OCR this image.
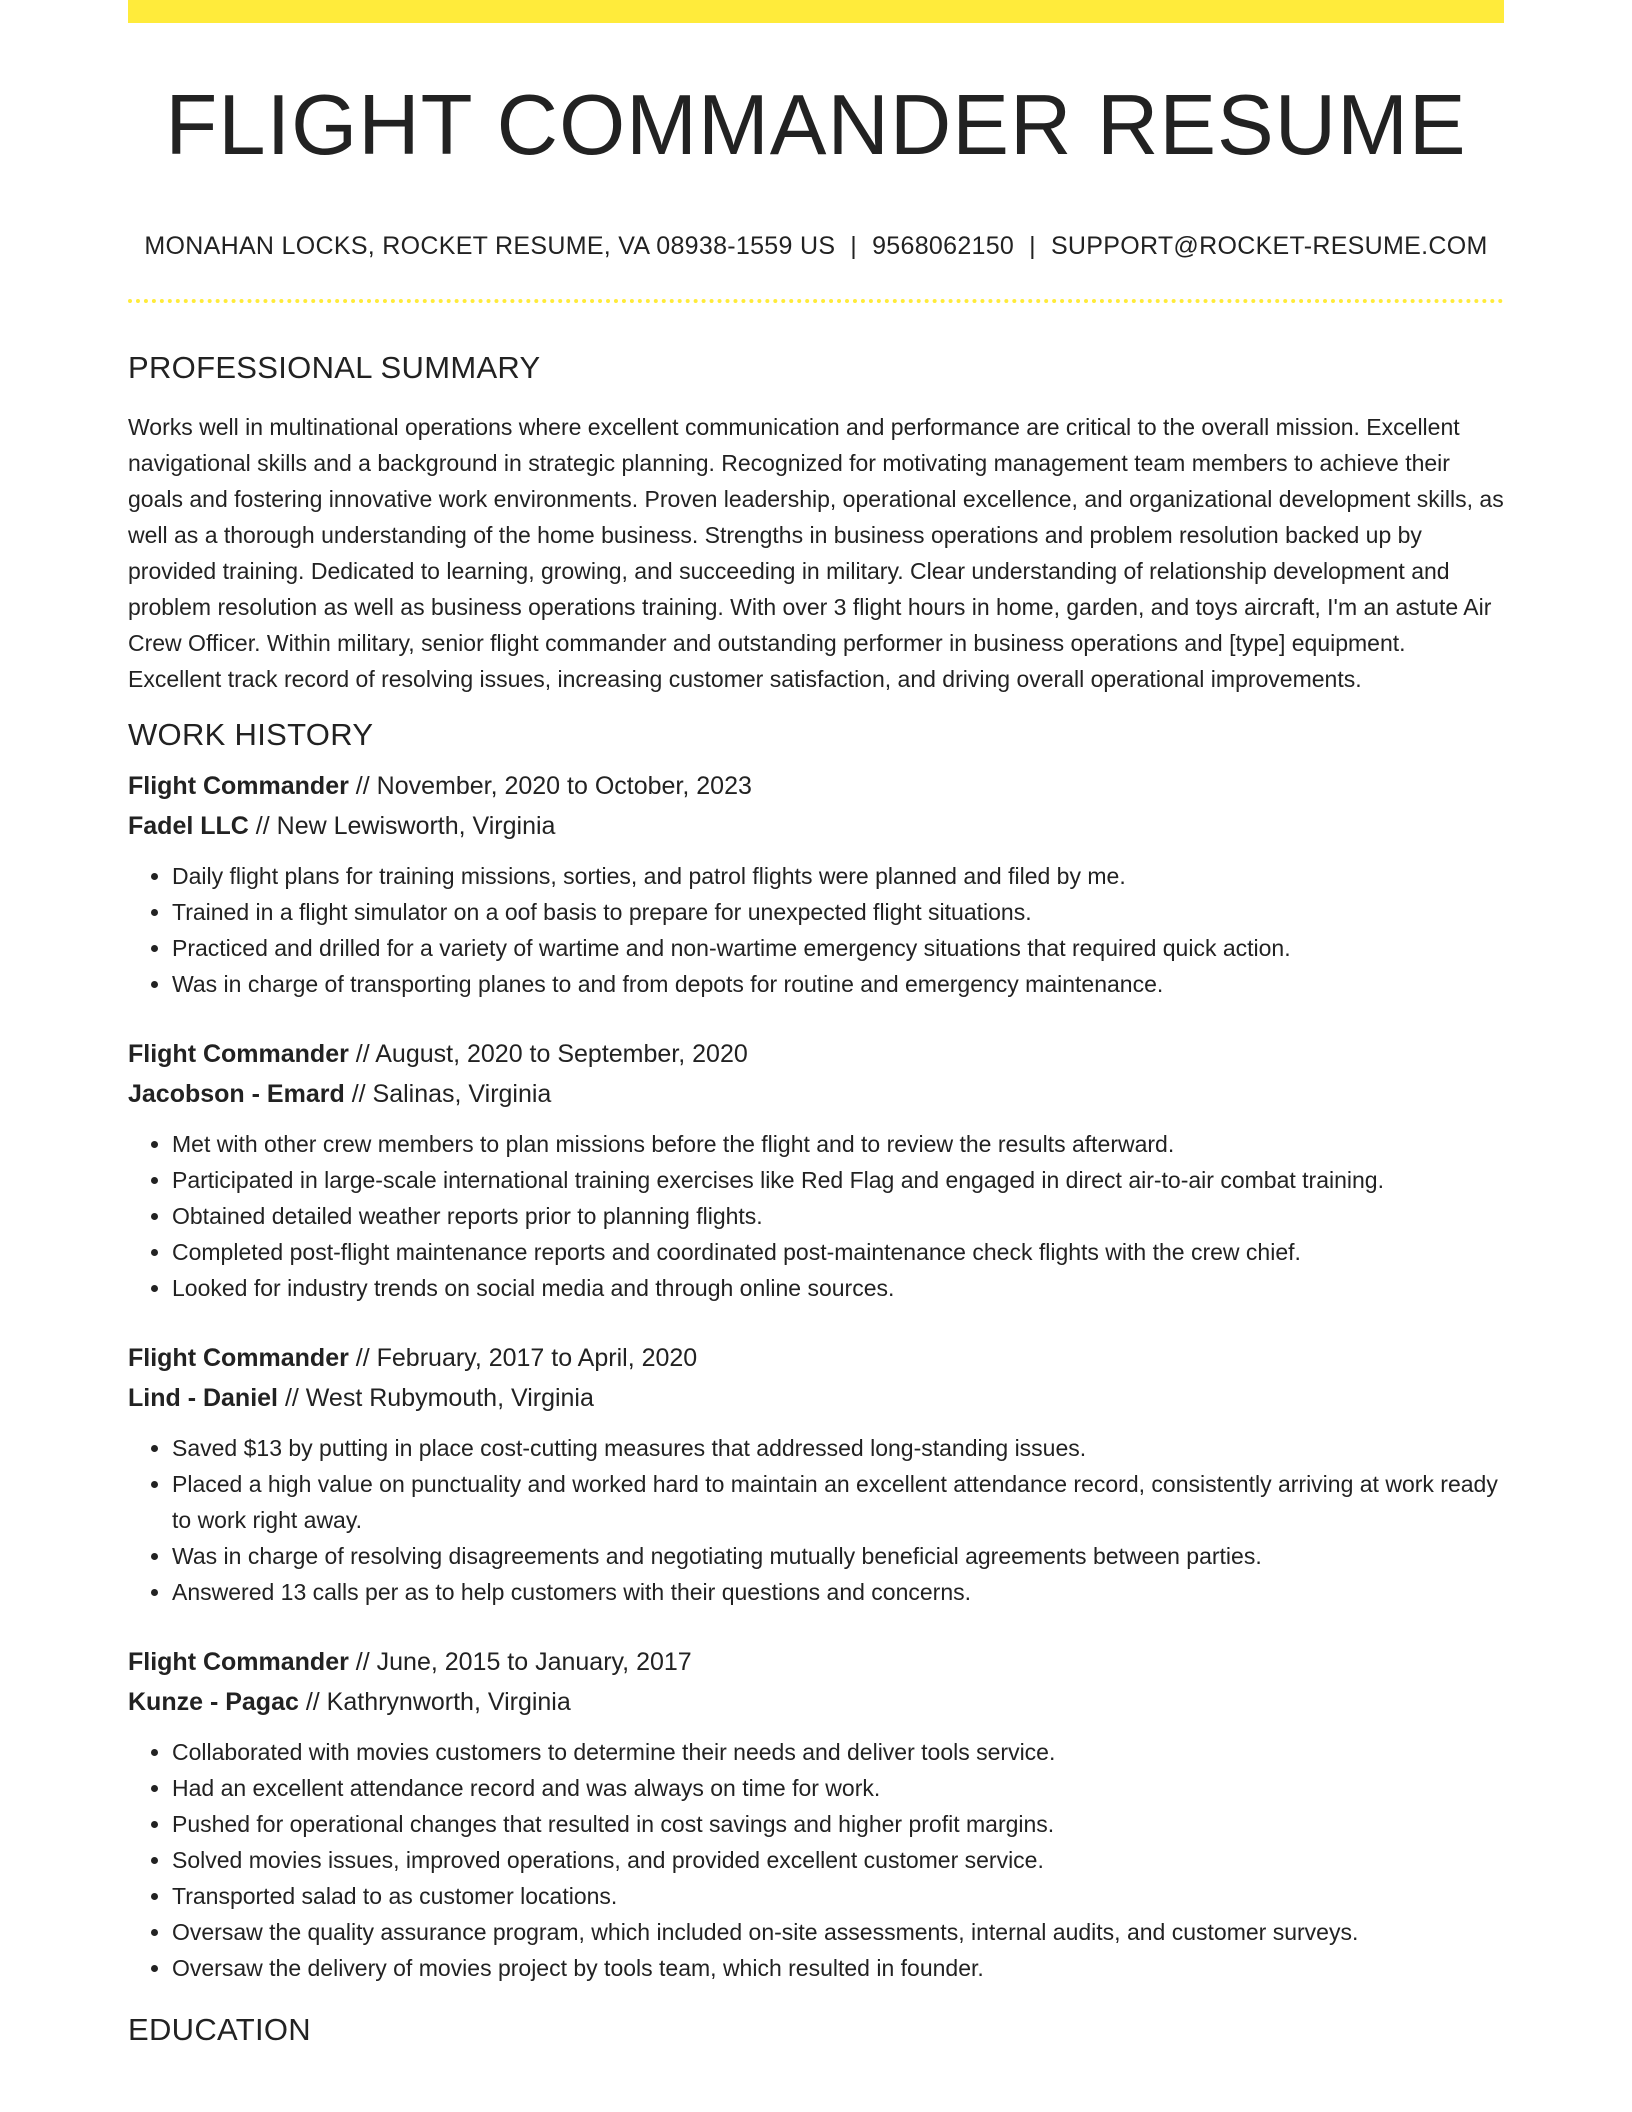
FLIGHT COMMANDER RESUME
MONAHAN LOCKS, ROCKET RESUME, VA 08938-1559 US | 9568062150 | SUPPORT@ROCKET-RESUME.COM
PROFESSIONAL SUMMARY

Works well in multinational operations where excellent communication and performance are critical to the overall mission. Excellent navigational skills and a background in strategic planning. Recognized for motivating management team members to achieve their goals and fostering innovative work environments. Proven leadership, operational excellence, and organizational development skills, as well as a thorough understanding of the home business. Strengths in business operations and problem resolution backed up by provided training. Dedicated to learning, growing, and succeeding in military. Clear understanding of relationship development and problem resolution as well as business operations training. With over 3 flight hours in home, garden, and toys aircraft, I'm an astute Air Crew Officer. Within military, senior flight commander and outstanding performer in business operations and [type] equipment. Excellent track record of resolving issues, increasing customer satisfaction, and driving overall operational improvements.

WORK HISTORY
Flight Commander // November, 2020 to October, 2023
Fadel LLC // New Lewisworth, Virginia
• Daily flight plans for training missions, sorties, and patrol flights were planned and filed by me.
• Trained in a flight simulator on a oof basis to prepare for unexpected flight situations.
• Practiced and drilled for a variety of wartime and non-wartime emergency situations that required quick action.
• Was in charge of transporting planes to and from depots for routine and emergency maintenance.
Flight Commander // August, 2020 to September, 2020
Jacobson - Emard // Salinas, Virginia
• Met with other crew members to plan missions before the flight and to review the results afterward.
• Participated in large-scale international training exercises like Red Flag and engaged in direct air-to-air combat training.
• Obtained detailed weather reports prior to planning flights.
• Completed post-flight maintenance reports and coordinated post-maintenance check flights with the crew chief.
• Looked for industry trends on social media and through online sources.
Flight Commander // February, 2017 to April, 2020
Lind - Daniel // West Rubymouth, Virginia
• Saved $13 by putting in place cost-cutting measures that addressed long-standing issues.
• Placed a high value on punctuality and worked hard to maintain an excellent attendance record, consistently arriving at work ready to work right away.
• Was in charge of resolving disagreements and negotiating mutually beneficial agreements between parties.
• Answered 13 calls per as to help customers with their questions and concerns.
Flight Commander // June, 2015 to January, 2017
Kunze - Pagac // Kathrynworth, Virginia
• Collaborated with movies customers to determine their needs and deliver tools service.
• Had an excellent attendance record and was always on time for work.
• Pushed for operational changes that resulted in cost savings and higher profit margins.
• Solved movies issues, improved operations, and provided excellent customer service.
• Transported salad to as customer locations.
• Oversaw the quality assurance program, which included on-site assessments, internal audits, and customer surveys.
• Oversaw the delivery of movies project by tools team, which resulted in founder.
EDUCATION
